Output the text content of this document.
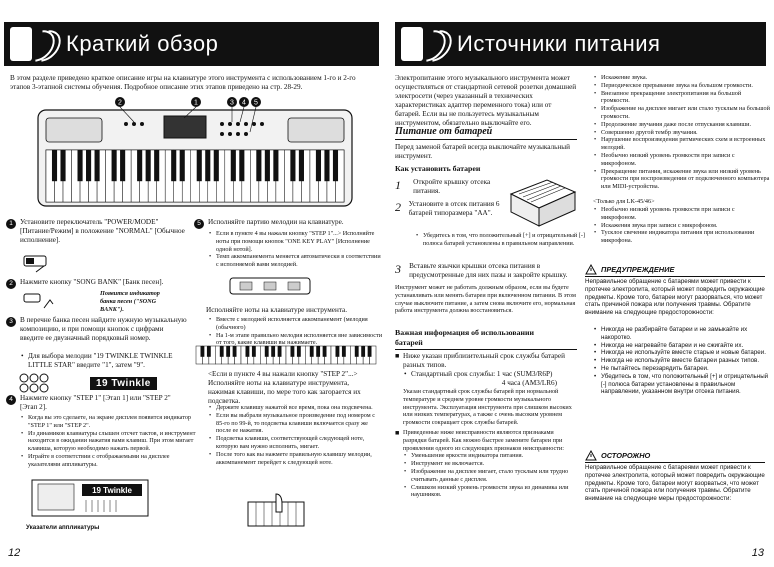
Краткий обзор

В этом разделе приведено краткое описание игры на клавиатуре этого инструмента с использованием 1-го и 2-го этапов 3-этапной системы обучения. Подробное описание этих этапов приведено на стр. 28-29.

2	1	3 4 5
1 Установите переключатель "POWER/MODE" [Питание/Режим] в положение "NORMAL" [Обычное исполнение].

2 Нажмите кнопку "SONG BANK" [Банк песен].

Появится индикатор банка песен ("SONG BANK").

3 В перечне банка песен найдите нужную музыкальную композицию, и при помощи кнопок с цифрами введите ее двузначный порядковый номер.

• Для выбора мелодии "19 TWINKLE TWINKLE LITTLE STAR" введите "1", затем "9".
19 Twinkle
4 Нажмите кнопку "STEP 1" [Этап 1] или "STEP 2" [Этап 2].

• Когда вы это сделаете, на экране дисплея появится индикатор "STEP 1" или "STEP 2".
• Из динамиков клавиатуры слышен отсчет тактов, и инструмент находится в ожидании нажатия вами клавиш. При этом мигает клавиша, которую необходимо нажать первой.
• Играйте в соответствии с отображаемыми на дисплее указателями аппликатуры.
19 Twinkle

Указатели аппликатуры

5 Исполняйте партию мелодии на клавиатуре.

• Если в пункте 4 вы нажали кнопку "STEP 1"...> Исполняйте ноты при помощи кнопок "ONE KEY PLAY" [Исполнение одной нотой].
• Темп аккомпанемента меняется автоматически в соответствии с исполняемой вами мелодией.

Исполняйте ноты на клавиатуре инструмента.

• Вместе с мелодией исполняется аккомпанемент (мелодия (обычного)
• На 1-м этапе правильно мелодия исполняется вне зависимости от того, какие клавиши вы нажимаете.

<Если в пункте 4 вы нажали кнопку "STEP 2"...> Исполняйте ноты на клавиатуре инструмента, нажимая клавиши, по мере того как загорается их подсветка.

• Держите клавишу нажатой все время, пока она подсвечена.
• Если вы выбрали музыкальное произведение под номером с 85-го по 99-й, то подсветка клавиши включается сразу же после ее нажатия.
• Подсветка клавиши, соответствующей следующей ноте, которую вам нужно исполнить, мигает.
• После того как вы нажмете правильную клавишу мелодии, аккомпанемент перейдет к следующей ноте.
12
Источники питания

Электропитание этого музыкального инструмента может осуществляться от стандартной сетевой розетки домашней электросети (через указанный в технических характеристиках адаптер переменного тока) или от батарей. Если вы не пользуетесь музыкальным инструментом, обязательно выключайте его.

Питание от батарей

Перед заменой батарей всегда выключайте музыкальный инструмент.

Как установить батареи

1	Откройте крышку отсека питания.

2 Установите в отсек питания 6 батарей типоразмера "AA".

• Убедитесь в том, что положительный [+] и отрицательный [-] полюса батарей установлены в правильном направлении.
3 Вставьте язычки крышки отсека питания в предусмотренные для них пазы и закройте крышку.

Инструмент может не работать должным образом, если вы будете устанавливать или менять батареи при включенном питании. В этом случае выключите питание, а затем снова включите его, нормальная работа инструмента должна восстановиться.

Важная информация об использовании батарей

■ Ниже указан приблизительный срок службы батарей разных типов.

• Стандартный срок службы: 1 час (SUM3/R6P)

4 часа (AM3/LR6)

Указан стандартный срок службы батарей при нормальной температуре и среднем уровне громкости музыкального инструмента. Эксплуатация инструмента при слишком высоких или низких температурах, а также с очень высоким уровнем громкости сокращает срок службы батарей.

■ Приведенные ниже неисправности являются признаками разрядки батарей. Как можно быстрее замените батареи при проявлении одного из следующих признаков неисправности:

• Уменьшение яркости индикатора питания.
• Инструмент не включается.
• Изображение на дисплее мигает, стало тусклым или трудно считывать данные с дисплея.
• Слишком низкий уровень громкости звука из динамика или наушников.
• Искажение звука.
• Периодическое прерывание звука на большом громкости.
• Внезапное прекращение электропитания на большой громкости.
• Изображение на дисплее мигает или стало тусклым на большой громкости.
• Продолжение звучания даже после отпускания клавиши.
• Совершенно другой тембр звучания.
• Нарушение воспроизведения ритмических схем и встроенных мелодий.
• Необычно низкий уровень громкости при записи с микрофоном.
• Прекращение питания, искажение звука или низкий уровень громкости при воспроизведении от подключенного компьютера или MIDI-устройства.

<Только для LK-45/46>

• Необычно низкий уровень громкости при записи с микрофоном.
• Искажения звука при записи с микрофоном.
• Тусклое свечение индикатора питания при использовании микрофона.
ПРЕДУПРЕЖДЕНИЕ

Неправильное обращение с батареями может привести к протечке электролита, который может повредить окружающие предметы. Кроме того, батареи могут разорваться, что может стать причиной пожара или получения травмы. Обратите внимание на следующие предосторожности:

• Никогда не разбирайте батареи и не замыкайте их накоротко.
• Никогда не нагревайте батареи и не сжигайте их.
• Никогда не используйте вместе старые и новые батареи.
• Никогда не используйте вместе батареи разных типов.
• Не пытайтесь перезарядить батареи.
• Убедитесь в том, что положительный [+] и отрицательный [-] полюса батареи установлены в правильном направлении, указанном внутри отсека питания.
ОСТОРОЖНО

Неправильное обращение с батареями может привести к протечке электролита, который может повредить окружающие предметы. Кроме того, батареи могут взорваться, что может стать причиной пожара или получения травмы. Обратите внимание на следующие меры предосторожности:

13
